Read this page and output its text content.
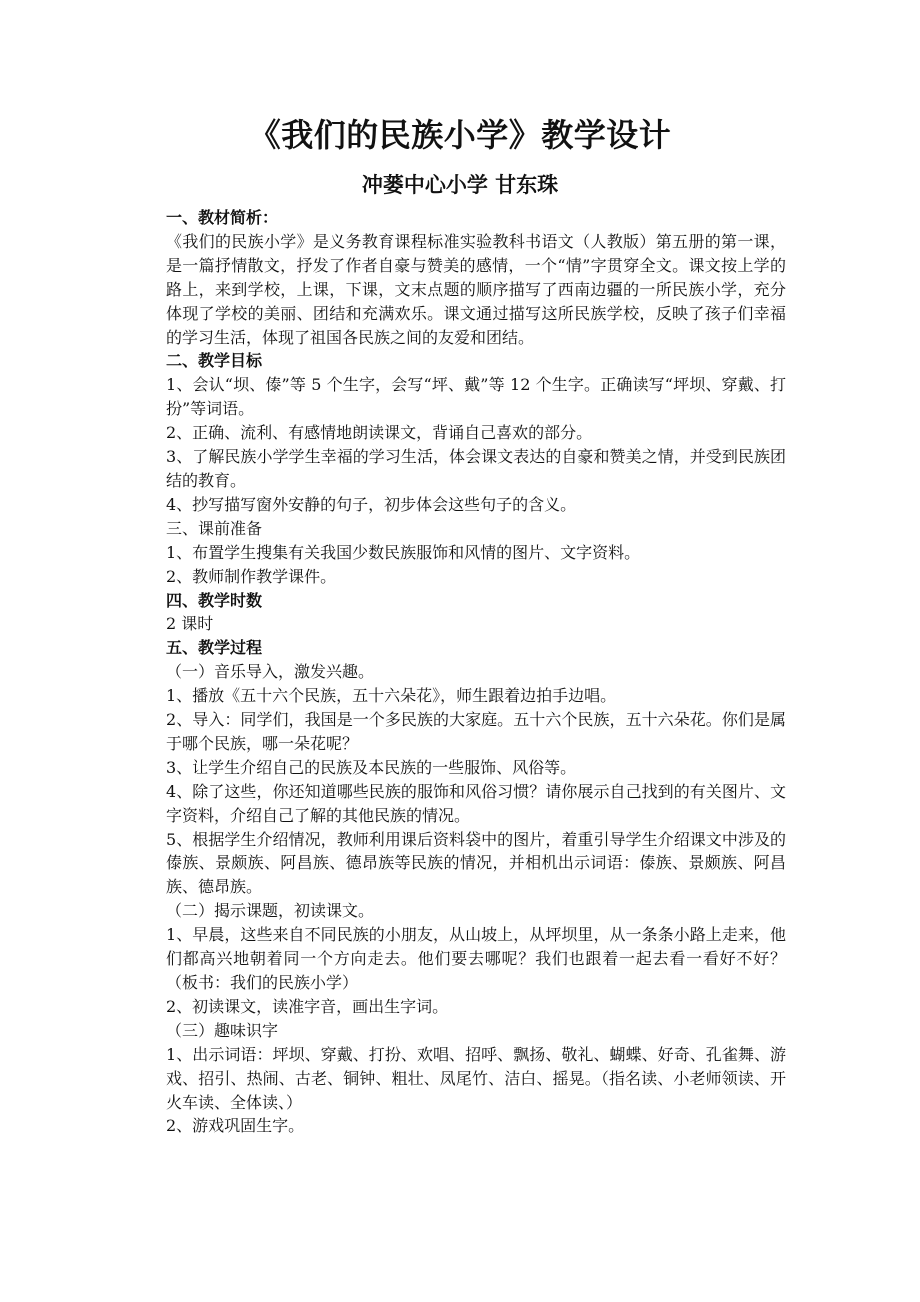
《我们的民族小学》教学设计
冲蒌中心小学 甘东珠
一、教材简析：
《我们的民族小学》是义务教育课程标准实验教科书语文（人教版）第五册的第一课，是一篇抒情散文，抒发了作者自豪与赞美的感情，一个“情”字贯穿全文。课文按上学的路上，来到学校，上课，下课，文末点题的顺序描写了西南边疆的一所民族小学，充分体现了学校的美丽、团结和充满欢乐。课文通过描写这所民族学校，反映了孩子们幸福的学习生活，体现了祖国各民族之间的友爱和团结。
二、教学目标
1、会认“坝、傣”等 5 个生字，会写“坪、戴”等 12 个生字。正确读写“坪坝、穿戴、打扮”等词语。
2、正确、流利、有感情地朗读课文，背诵自己喜欢的部分。
3、了解民族小学学生幸福的学习生活，体会课文表达的自豪和赞美之情，并受到民族团结的教育。
4、抄写描写窗外安静的句子，初步体会这些句子的含义。
三、课前准备
1、布置学生搜集有关我国少数民族服饰和风情的图片、文字资料。
2、教师制作教学课件。
四、教学时数
2 课时
五、教学过程
（一）音乐导入，激发兴趣。
1、播放《五十六个民族，五十六朵花》，师生跟着边拍手边唱。
2、导入：同学们，我国是一个多民族的大家庭。五十六个民族，五十六朵花。你们是属于哪个民族，哪一朵花呢？
3、让学生介绍自己的民族及本民族的一些服饰、风俗等。
4、除了这些，你还知道哪些民族的服饰和风俗习惯？请你展示自己找到的有关图片、文字资料，介绍自己了解的其他民族的情况。
5、根据学生介绍情况，教师利用课后资料袋中的图片，着重引导学生介绍课文中涉及的傣族、景颇族、阿昌族、德昂族等民族的情况，并相机出示词语：傣族、景颇族、阿昌族、德昂族。
（二）揭示课题，初读课文。
1、早晨，这些来自不同民族的小朋友，从山坡上，从坪坝里，从一条条小路上走来，他们都高兴地朝着同一个方向走去。他们要去哪呢？我们也跟着一起去看一看好不好？（板书：我们的民族小学）
2、初读课文，读准字音，画出生字词。
（三）趣味识字
1、出示词语：坪坝、穿戴、打扮、欢唱、招呼、飘扬、敬礼、蝴蝶、好奇、孔雀舞、游戏、招引、热闹、古老、铜钟、粗壮、凤尾竹、洁白、摇晃。（指名读、小老师领读、开火车读、全体读、）
2、游戏巩固生字。
